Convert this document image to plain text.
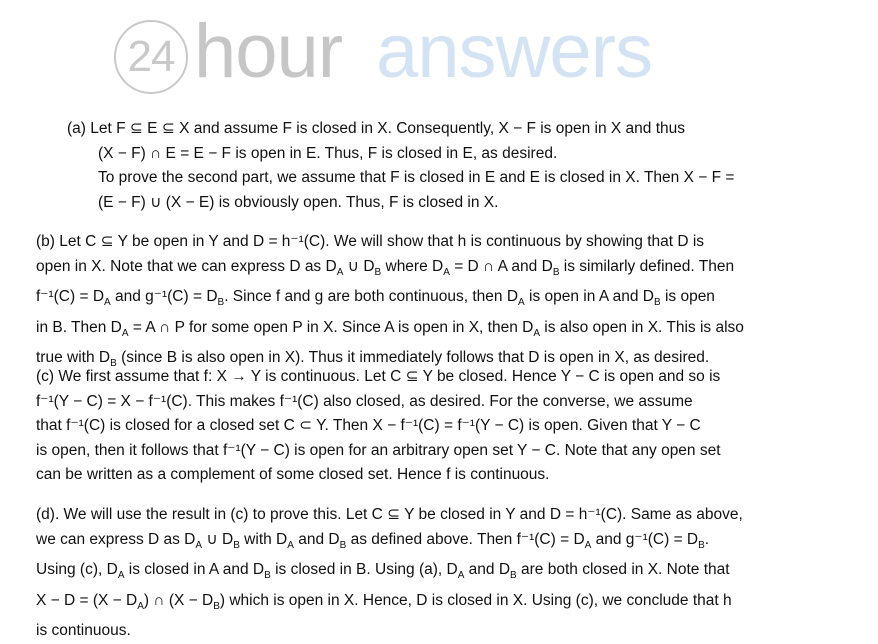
24 hour answers
(a) Let F ⊆ E ⊆ X and assume F is closed in X. Consequently, X − F is open in X and thus
(X − F) ∩ E = E − F is open in E. Thus, F is closed in E, as desired.
To prove the second part, we assume that F is closed in E and E is closed in X. Then X − F =
(E − F) ∪ (X − E) is obviously open. Thus, F is closed in X.
(b) Let C ⊆ Y be open in Y and D = h⁻¹(C). We will show that h is continuous by showing that D is
open in X. Note that we can express D as $D_A$ ∪ $D_B$ where $D_A = D$ ∩ A and $D_B$ is similarly defined. Then
$f^{-1}(C) = D_A$ and $g^{-1}(C) = D_B$. Since f and g are both continuous, then $D_A$ is open in A and $D_B$ is open
in B. Then $D_A = A$ ∩ P for some open P in X. Since A is open in X, then $D_A$ is also open in X. This is also
true with $D_B$ (since B is also open in X). Thus it immediately follows that D is open in X, as desired.
(c) We first assume that f: X → Y is continuous. Let C ⊆ Y be closed. Hence Y − C is open and so is
f⁻¹(Y − C) = X − f⁻¹(C). This makes f⁻¹(C) also closed, as desired. For the converse, we assume
that f⁻¹(C) is closed for a closed set C ⊂ Y. Then X − f⁻¹(C) = f⁻¹(Y − C) is open. Given that Y − C
is open, then it follows that f⁻¹(Y − C) is open for an arbitrary open set Y − C. Note that any open set
can be written as a complement of some closed set. Hence f is continuous.
(d). We will use the result in (c) to prove this. Let C ⊆ Y be closed in Y and D = h⁻¹(C). Same as above,
we can express D as $D_A$ ∪ $D_B$ with $D_A$ and $D_B$ as defined above. Then $f^{-1}(C) = D_A$ and $g^{-1}(C) = D_B$.
Using (c), $D_A$ is closed in A and $D_B$ is closed in B. Using (a), $D_A$ and $D_B$ are both closed in X. Note that
$X - D = (X - D_A)$ ∩ $(X - D_B)$ which is open in X. Hence, D is closed in X. Using (c), we conclude that h
is continuous.
